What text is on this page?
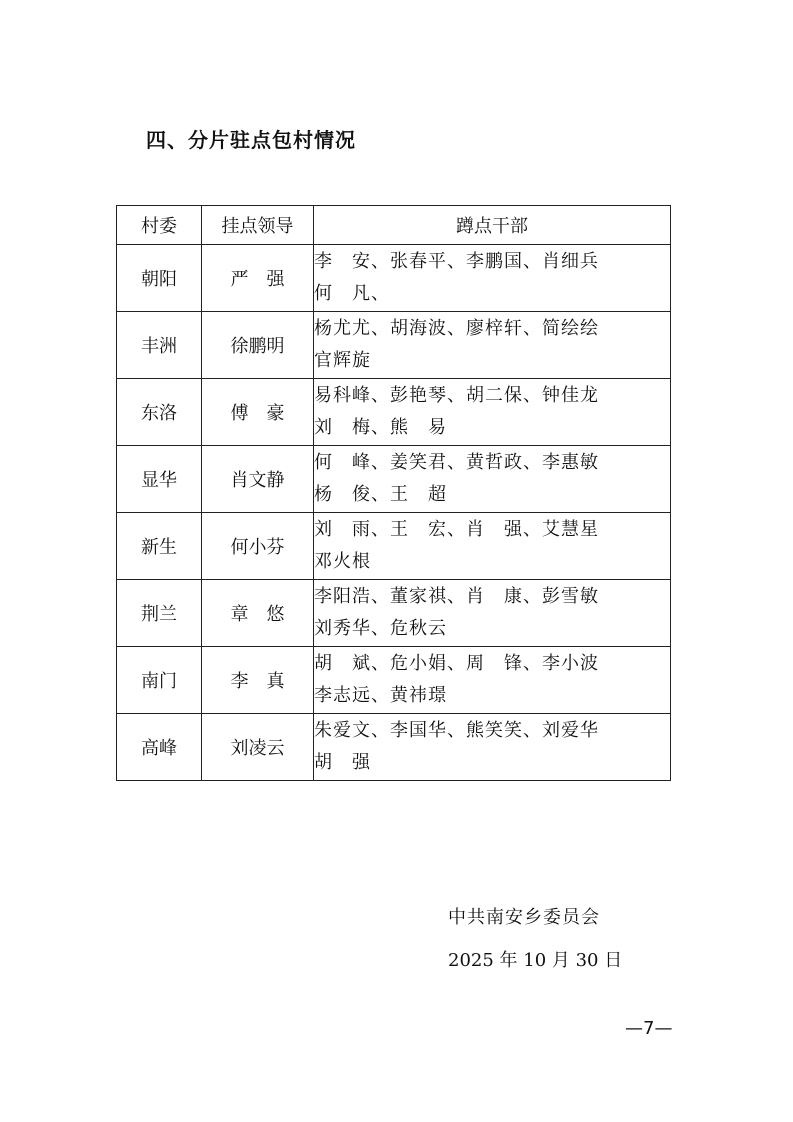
四、分片驻点包村情况
村委	挂点领导	蹲点干部
朝阳	严　强	李　安、张春平、李鹏国、肖细兵
何　凡、

丰洲	徐鹏明	杨尤尤、胡海波、廖梓轩、简绘绘
官辉旋

东洛	傅　豪	易科峰、彭艳琴、胡二保、钟佳龙
刘　梅、熊　易

显华	肖文静	何　峰、姜笑君、黄哲政、李惠敏
杨　俊、王　超

新生	何小芬	刘　雨、王　宏、肖　强、艾慧星
邓火根

荆兰	章　悠	李阳浩、董家祺、肖　康、彭雪敏
刘秀华、危秋云

南门	李　真	胡　斌、危小娟、周　锋、李小波
李志远、黄祎璟

高峰	刘凌云	朱爱文、李国华、熊笑笑、刘爱华
胡　强
中共南安乡委员会
2025 年 10 月 30 日
—7—
